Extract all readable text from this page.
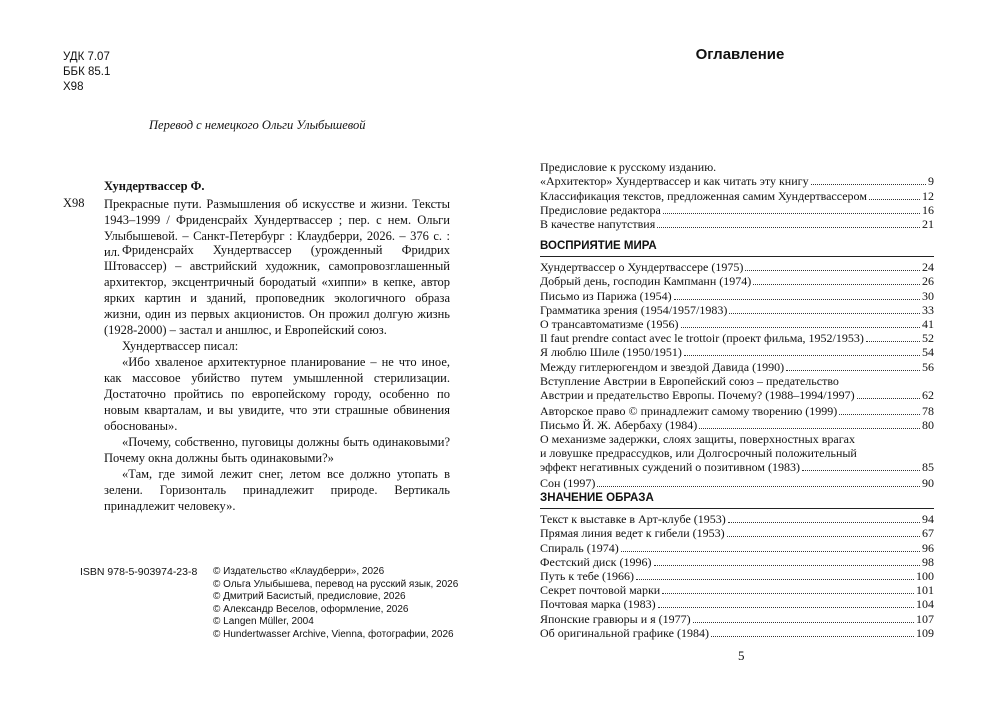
УДК 7.07
ББК 85.1
Х98
Перевод с немецкого Ольги Улыбышевой
Хундертвассер Ф.
Х98 Прекрасные пути. Размышления об искусстве и жизни. Тексты 1943–1999 / Фриденсрайх Хундертвассер ; пер. с нем. Ольги Улыбышевой. – Санкт-Петербург : Клаудберри, 2026. – 376 с. : ил. Фриденсрайх Хундертвассер (урожденный Фридрих Штовассер) – австрийский художник, самопровозглашенный архитектор, эксцентричный бородатый «хиппи» в кепке, автор ярких картин и зданий, проповедник экологичного образа жизни, один из первых акционистов. Он прожил долгую жизнь (1928-2000) – застал и аншлюс, и Европейский союз.

Хундертвассер писал:

«Ибо хваленое архитектурное планирование – не что иное, как массовое убийство путем умышленной стерилизации. Достаточно пройтись по европейскому городу, особенно по новым кварталам, и вы увидите, что эти страшные обвинения обоснованы».

«Почему, собственно, пуговицы должны быть одинаковыми? Почему окна должны быть одинаковыми?»

«Там, где зимой лежит снег, летом все должно утопать в зелени. Горизонталь принадлежит природе. Вертикаль принадлежит человеку».

ISBN 978-5-903974-23-8 © Издательство «Клаудберри», 2026
© Ольга Улыбышева, перевод на русский язык, 2026
© Дмитрий Басистый, предисловие, 2026
© Александр Веселов, оформление, 2026
© Langen Müller, 2004
© Hundertwasser Archive, Vienna, фотографии, 2026
Оглавление
Предисловие к русскому изданию.
«Архитектор» Хундертвассер и как читать эту книгу	9
Классификация текстов, предложенная самим Хундертвассером	12
Предисловие редактора	16
В качестве напутствия	21
ВОСПРИЯТИЕ МИРА
Хундертвассер о Хундертвассере (1975)	24
Добрый день, господин Кампманн (1974)	26
Письмо из Парижа (1954)	30
Грамматика зрения (1954/1957/1983)	33
О трансавтоматизме (1956)	41
Il faut prendre contact avec le trottoir (проект фильма, 1952/1953)	52
Я люблю Шиле (1950/1951)	54
Между гитлерюгендом и звездой Давида (1990)	56
Вступление Австрии в Европейский союз – предательство
Австрии и предательство Европы. Почему? (1988–1994/1997)	62
Авторское право © принадлежит самому творению (1999)	78
Письмо Й. Ж. Абербаху (1984)	80
О механизме задержки, слоях защиты, поверхностных врагах
и ловушке предрассудков, или Долгосрочный положительный
эффект негативных суждений о позитивном (1983)	85
Сон (1997)	90
ЗНАЧЕНИЕ ОБРАЗА
Текст к выставке в Арт-клубе (1953)	94
Прямая линия ведет к гибели (1953)	67
Спираль (1974)	96
Фестский диск (1996)	98
Путь к тебе (1966)	100
Секрет почтовой марки	101
Почтовая марка (1983)	104
Японские гравюры и я (1977)	107
Об оригинальной графике (1984)	109
5
